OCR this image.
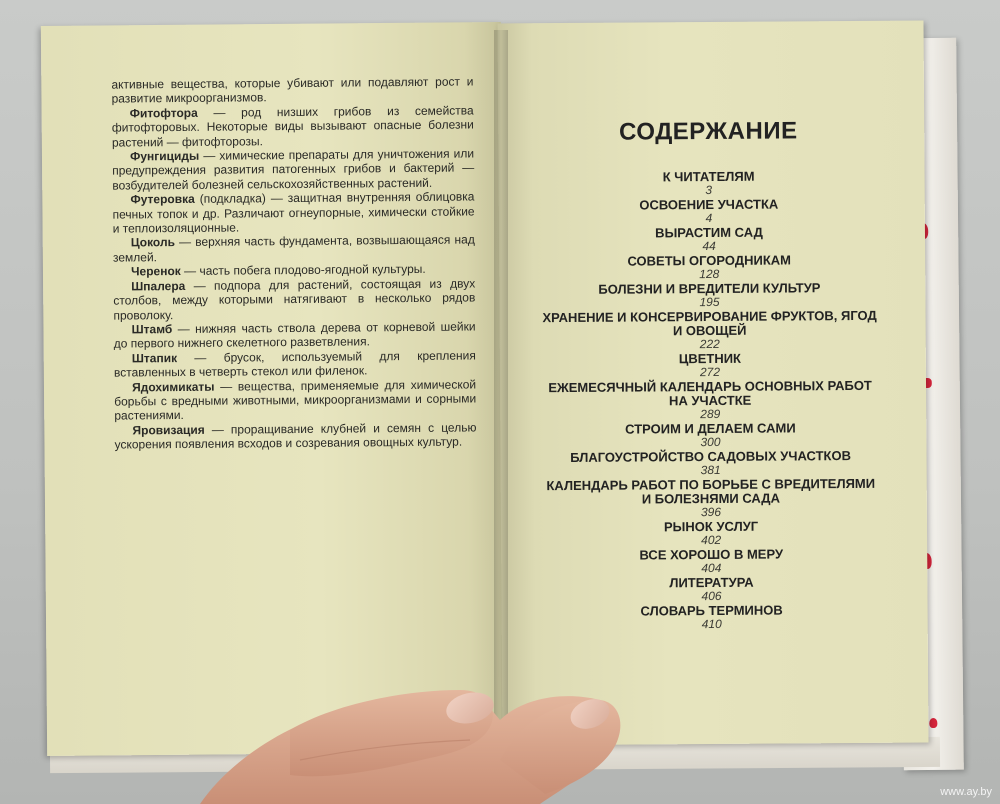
активные вещества, которые убивают или подавляют рост и развитие микроорганизмов.

Фитофтора — род низших грибов из семейства фитофторовых. Некоторые виды вызывают опасные болезни растений — фитофторозы.

Фунгициды — химические препараты для уничтожения или предупреждения развития патогенных грибов и бактерий — возбудителей болезней сельскохозяйственных растений.

Футеровка (подкладка) — защитная внутренняя облицовка печных топок и др. Различают огнеупорные, химически стойкие и теплоизоляционные.

Цоколь — верхняя часть фундамента, возвышающаяся над землей.

Черенок — часть побега плодово-ягодной культуры.

Шпалера — подпора для растений, состоящая из двух столбов, между которыми натягивают в несколько рядов проволоку.

Штамб — нижняя часть ствола дерева от корневой шейки до первого нижнего скелетного разветвления.

Штапик — брусок, используемый для крепления вставленных в четверть стекол или филенок.

Ядохимикаты — вещества, применяемые для химической борьбы с вредными животными, микроорганизмами и сорными растениями.

Яровизация — проращивание клубней и семян с целью ускорения появления всходов и созревания овощных культур.

СОДЕРЖАНИЕ
К ЧИТАТЕЛЯМ
3
ОСВОЕНИЕ УЧАСТКА
4
ВЫРАСТИМ САД
44
СОВЕТЫ ОГОРОДНИКАМ
128
БОЛЕЗНИ И ВРЕДИТЕЛИ КУЛЬТУР
195
ХРАНЕНИЕ И КОНСЕРВИРОВАНИЕ ФРУКТОВ, ЯГОД И ОВОЩЕЙ
222
ЦВЕТНИК
272
ЕЖЕМЕСЯЧНЫЙ КАЛЕНДАРЬ ОСНОВНЫХ РАБОТ НА УЧАСТКЕ
289
СТРОИМ И ДЕЛАЕМ САМИ
300
БЛАГОУСТРОЙСТВО САДОВЫХ УЧАСТКОВ
381
КАЛЕНДАРЬ РАБОТ ПО БОРЬБЕ С ВРЕДИТЕЛЯМИ И БОЛЕЗНЯМИ САДА
396
РЫНОК УСЛУГ
402
ВСЕ ХОРОШО В МЕРУ
404
ЛИТЕРАТУРА
406
СЛОВАРЬ ТЕРМИНОВ
410
www.ay.by
